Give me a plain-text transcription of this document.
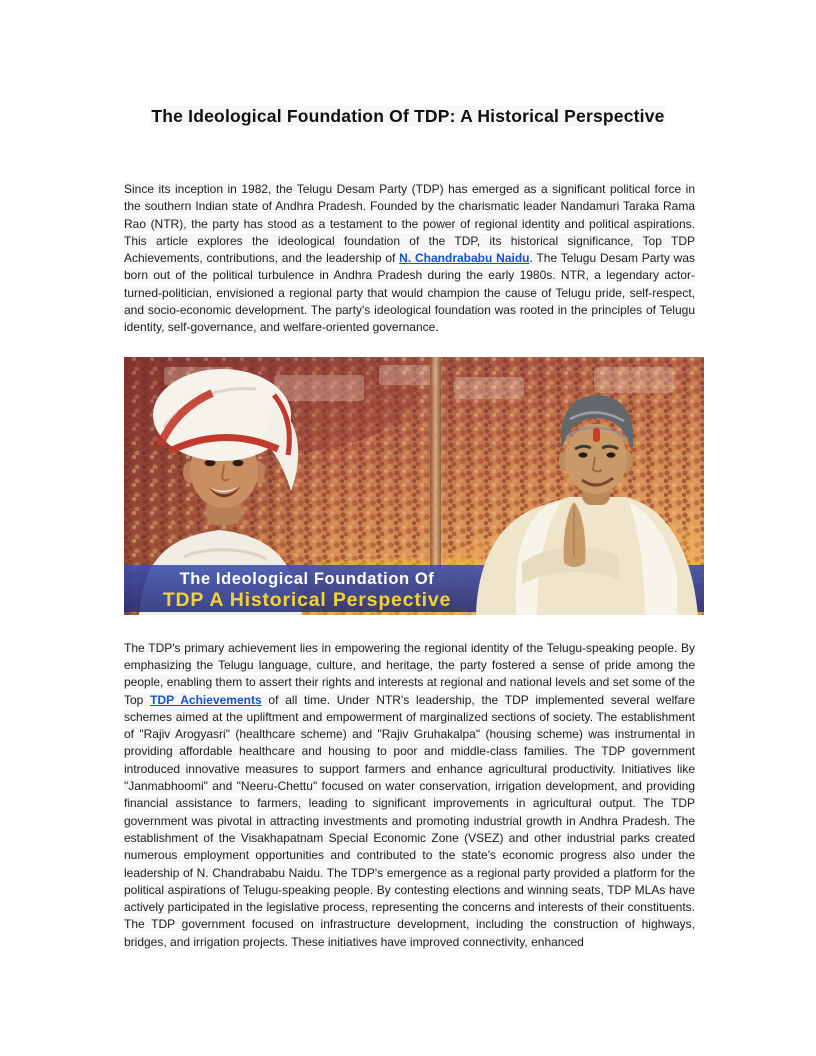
The Ideological Foundation Of TDP: A Historical Perspective

Since its inception in 1982, the Telugu Desam Party (TDP) has emerged as a significant political force in the southern Indian state of Andhra Pradesh. Founded by the charismatic leader Nandamuri Taraka Rama Rao (NTR), the party has stood as a testament to the power of regional identity and political aspirations. This article explores the ideological foundation of the TDP, its historical significance, Top TDP Achievements, contributions, and the leadership of N. Chandrababu Naidu. The Telugu Desam Party was born out of the political turbulence in Andhra Pradesh during the early 1980s. NTR, a legendary actor-turned-politician, envisioned a regional party that would champion the cause of Telugu pride, self-respect, and socio-economic development. The party's ideological foundation was rooted in the principles of Telugu identity, self-governance, and welfare-oriented governance.

The Ideological Foundation Of
TDP A Historical Perspective

The TDP's primary achievement lies in empowering the regional identity of the Telugu-speaking people. By emphasizing the Telugu language, culture, and heritage, the party fostered a sense of pride among the people, enabling them to assert their rights and interests at regional and national levels and set some of the Top TDP Achievements of all time. Under NTR's leadership, the TDP implemented several welfare schemes aimed at the upliftment and empowerment of marginalized sections of society. The establishment of "Rajiv Arogyasri" (healthcare scheme) and "Rajiv Gruhakalpa" (housing scheme) was instrumental in providing affordable healthcare and housing to poor and middle-class families. The TDP government introduced innovative measures to support farmers and enhance agricultural productivity. Initiatives like "Janmabhoomi" and "Neeru-Chettu" focused on water conservation, irrigation development, and providing financial assistance to farmers, leading to significant improvements in agricultural output. The TDP government was pivotal in attracting investments and promoting industrial growth in Andhra Pradesh. The establishment of the Visakhapatnam Special Economic Zone (VSEZ) and other industrial parks created numerous employment opportunities and contributed to the state's economic progress also under the leadership of N. Chandrababu Naidu. The TDP's emergence as a regional party provided a platform for the political aspirations of Telugu-speaking people. By contesting elections and winning seats, TDP MLAs have actively participated in the legislative process, representing the concerns and interests of their constituents. The TDP government focused on infrastructure development, including the construction of highways, bridges, and irrigation projects. These initiatives have improved connectivity, enhanced
